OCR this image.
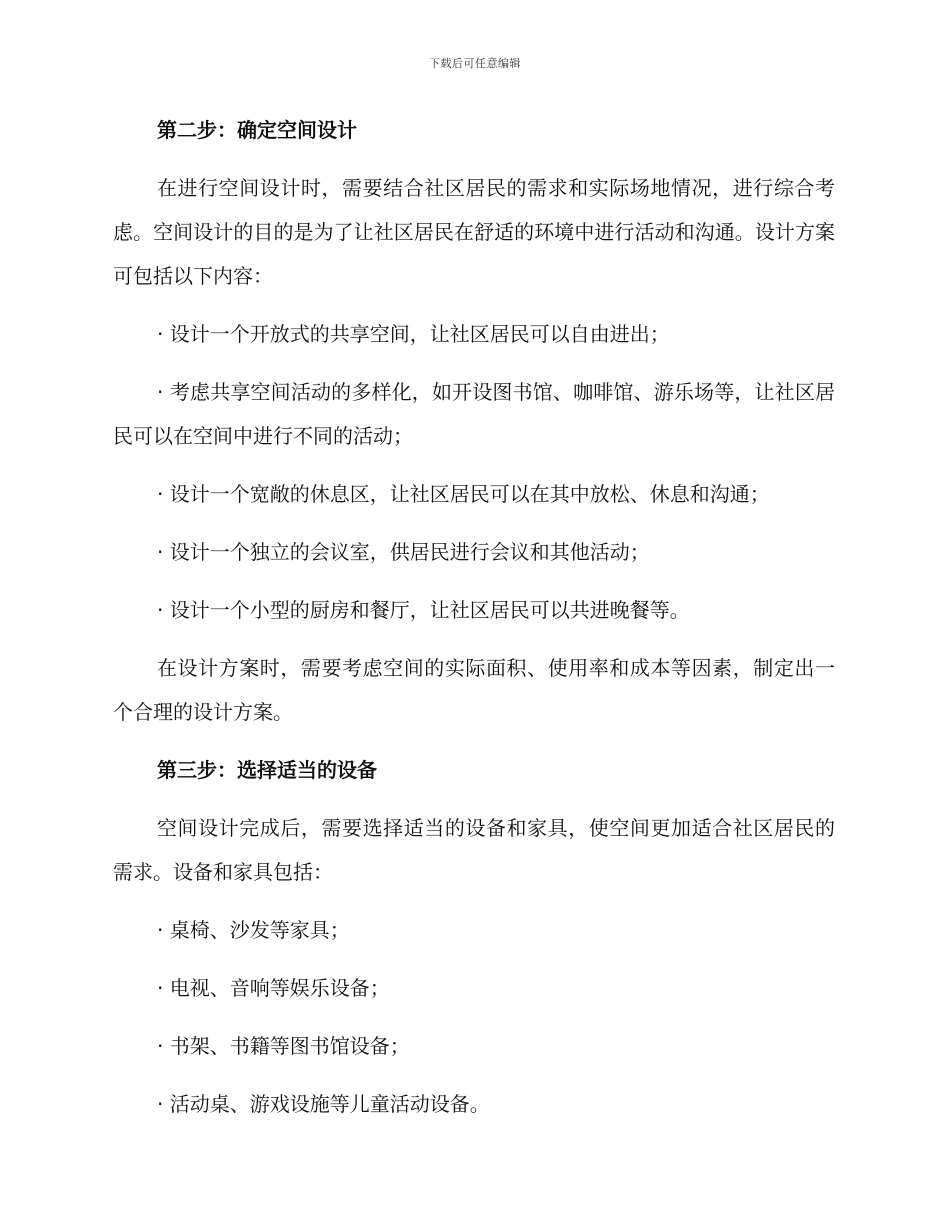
下载后可任意编辑

第二步：确定空间设计

在进行空间设计时，需要结合社区居民的需求和实际场地情况，进行综合考虑。空间设计的目的是为了让社区居民在舒适的环境中进行活动和沟通。设计方案可包括以下内容：

· 设计一个开放式的共享空间，让社区居民可以自由进出；

· 考虑共享空间活动的多样化，如开设图书馆、咖啡馆、游乐场等，让社区居民可以在空间中进行不同的活动；

· 设计一个宽敞的休息区，让社区居民可以在其中放松、休息和沟通；

· 设计一个独立的会议室，供居民进行会议和其他活动；

· 设计一个小型的厨房和餐厅，让社区居民可以共进晚餐等。

在设计方案时，需要考虑空间的实际面积、使用率和成本等因素，制定出一个合理的设计方案。

第三步：选择适当的设备

空间设计完成后，需要选择适当的设备和家具，使空间更加适合社区居民的需求。设备和家具包括：

· 桌椅、沙发等家具；

· 电视、音响等娱乐设备；

· 书架、书籍等图书馆设备；

· 活动桌、游戏设施等儿童活动设备。
